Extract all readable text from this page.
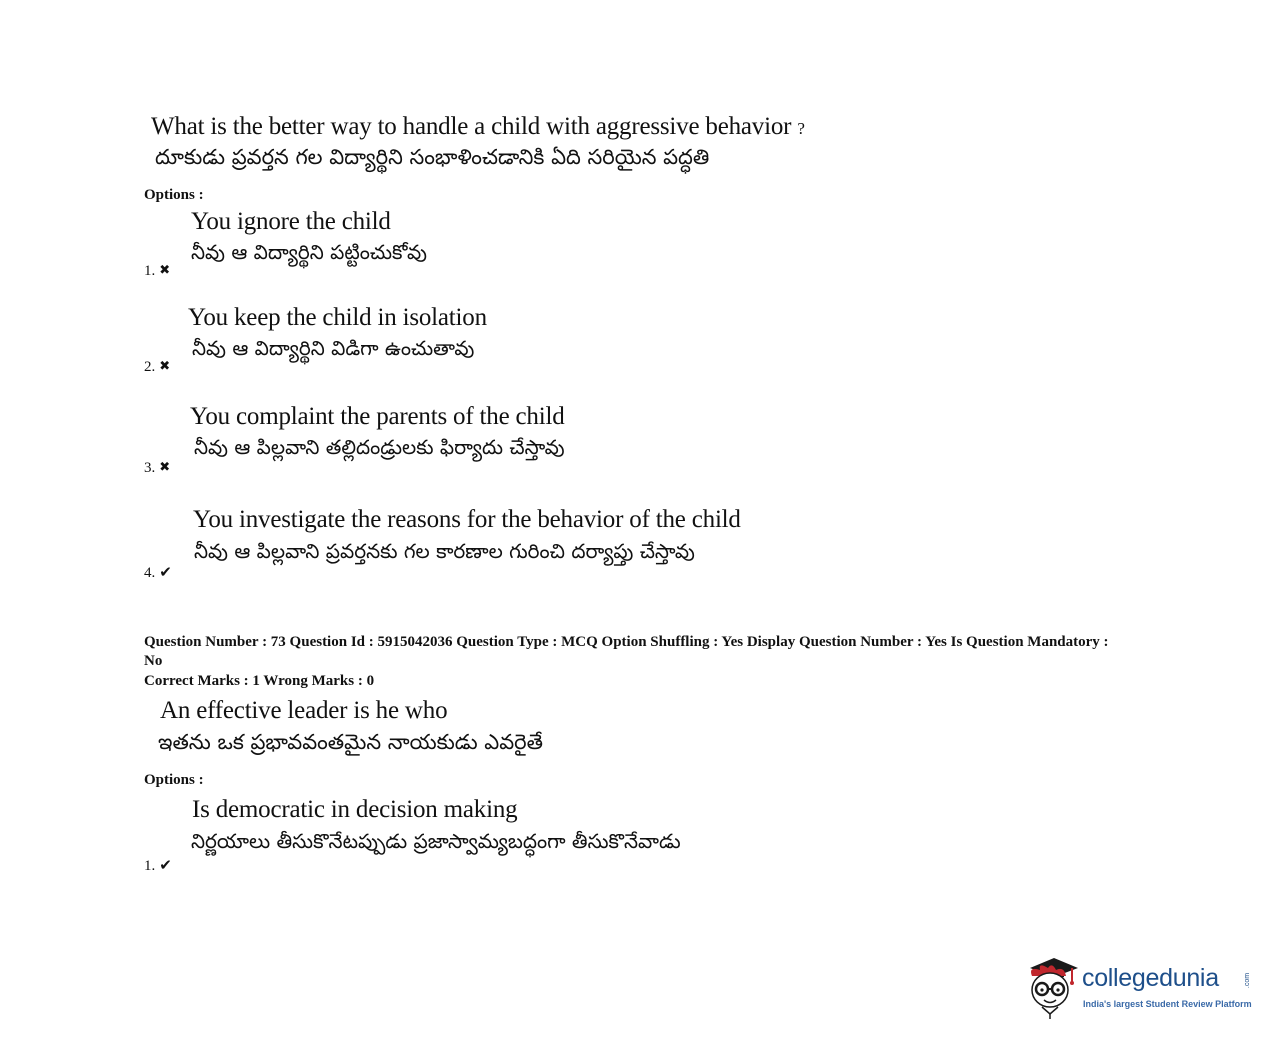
What is the better way to handle a child with aggressive behavior ?
దూకుడు ప్రవర్తన గల విద్యార్థిని సంభాళించడానికి ఏది సరియైన పద్ధతి
Options :
You ignore the child
నీవు ఆ విద్యార్థిని పట్టించుకోవు
1. ✖
You keep the child in isolation
నీవు ఆ విద్యార్థిని విడిగా ఉంచుతావు
2. ✖
You complaint the parents of the child
నీవు ఆ పిల్లవాని తల్లిదండ్రులకు ఫిర్యాదు చేస్తావు
3. ✖
You investigate the reasons for the behavior of the child
నీవు ఆ పిల్లవాని ప్రవర్తనకు గల కారణాల గురించి దర్యాప్తు చేస్తావు
4. ✔
Question Number : 73 Question Id : 5915042036 Question Type : MCQ Option Shuffling : Yes Display Question Number : Yes Is Question Mandatory : No
Correct Marks : 1 Wrong Marks : 0
An effective leader is he who
ఇతను ఒక ప్రభావవంతమైన నాయకుడు ఎవరైతే
Options :
Is democratic in decision making
నిర్ణయాలు తీసుకొనేటప్పుడు ప్రజాస్వామ్యబద్ధంగా తీసుకొనేవాడు
1. ✔
collegedunia	.com
India's largest Student Review Platform
